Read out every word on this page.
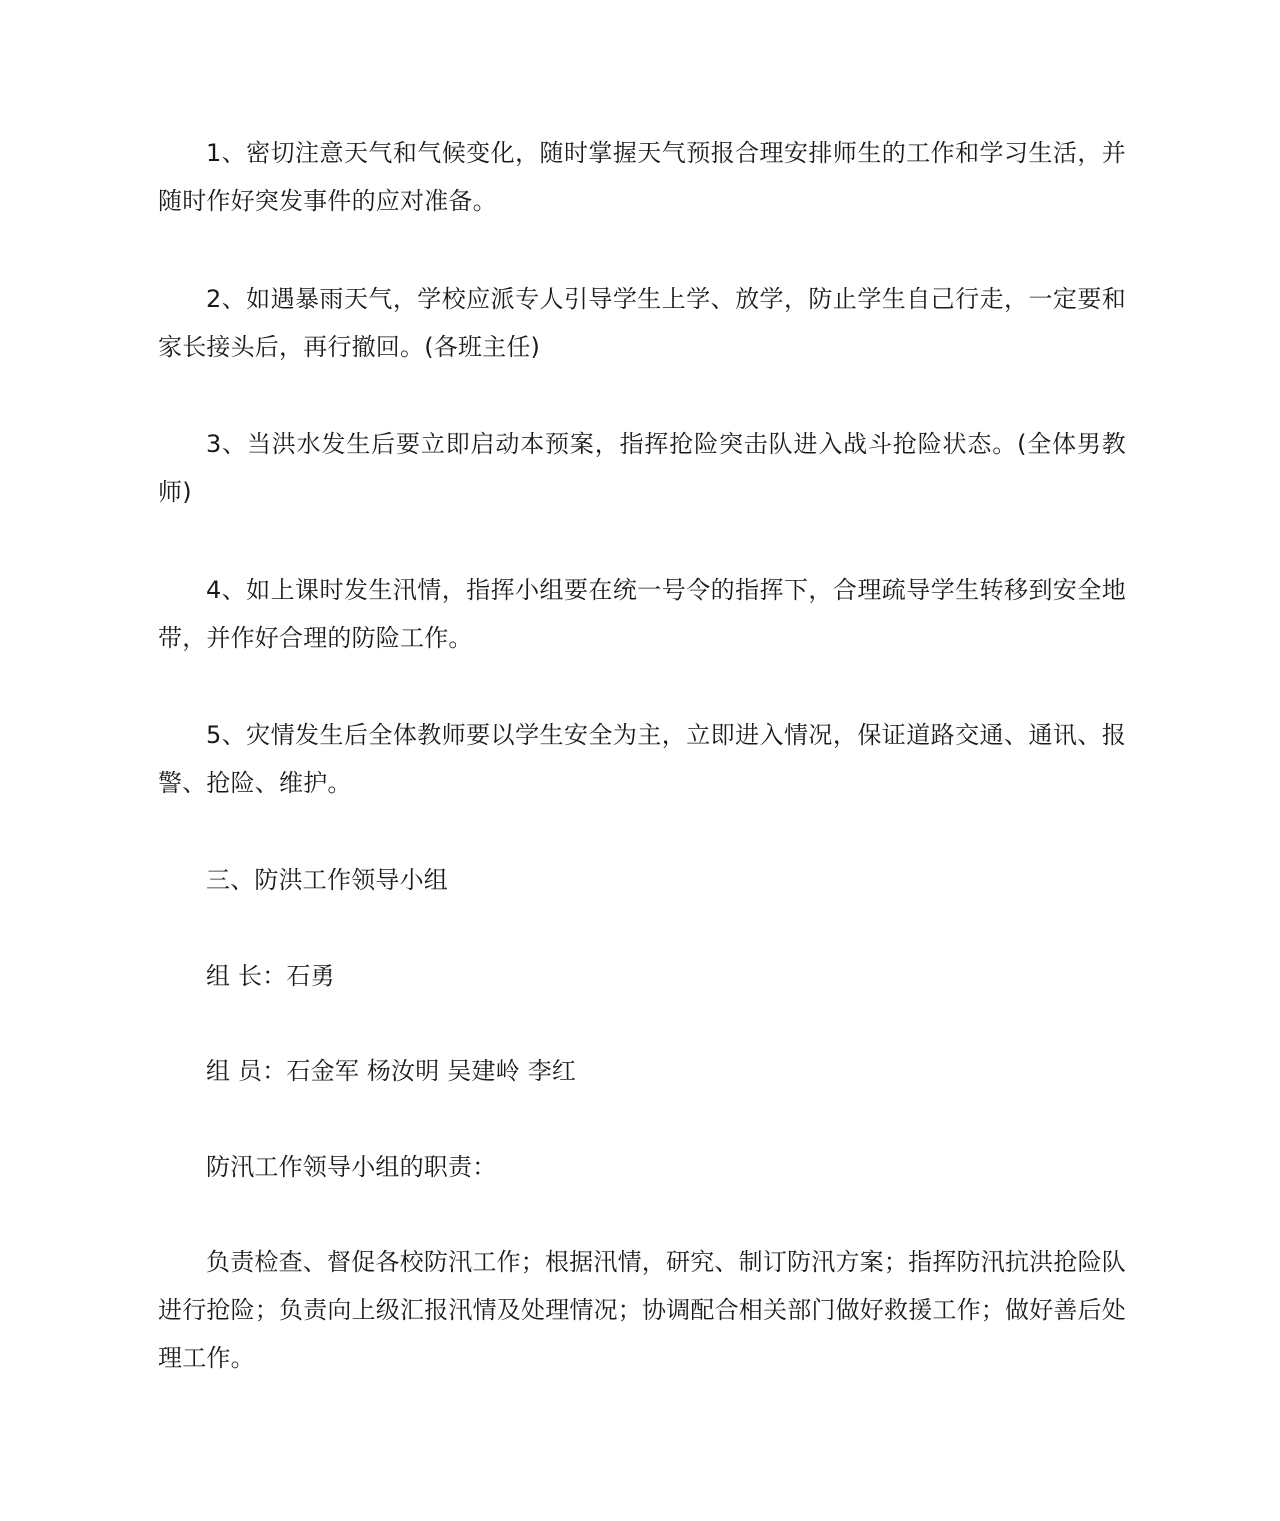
1、密切注意天气和气候变化，随时掌握天气预报合理安排师生的工作和学习生活，并随时作好突发事件的应对准备。

2、如遇暴雨天气，学校应派专人引导学生上学、放学，防止学生自己行走，一定要和家长接头后，再行撤回。(各班主任)

3、当洪水发生后要立即启动本预案，指挥抢险突击队进入战斗抢险状态。(全体男教师)

4、如上课时发生汛情，指挥小组要在统一号令的指挥下，合理疏导学生转移到安全地带，并作好合理的防险工作。

5、灾情发生后全体教师要以学生安全为主，立即进入情况，保证道路交通、通讯、报警、抢险、维护。

三、防洪工作领导小组

组 长：石勇

组 员：石金军 杨汝明 吴建岭 李红

防汛工作领导小组的职责：

负责检查、督促各校防汛工作；根据汛情，研究、制订防汛方案；指挥防汛抗洪抢险队进行抢险；负责向上级汇报汛情及处理情况；协调配合相关部门做好救援工作；做好善后处理工作。
